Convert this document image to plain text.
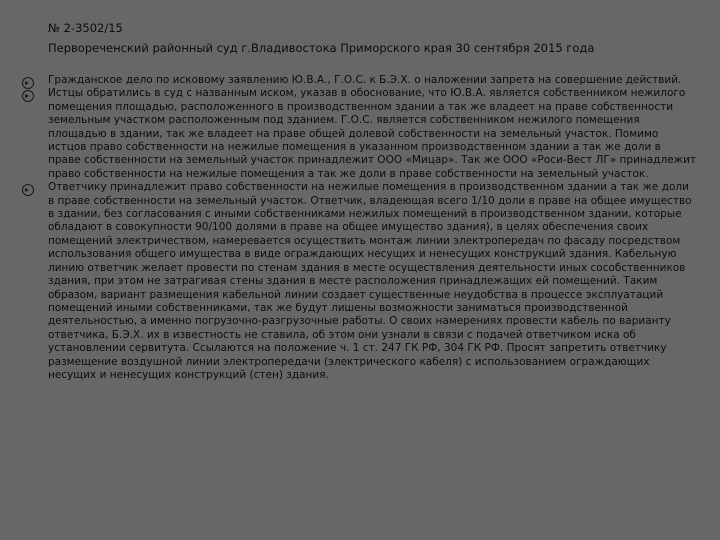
№ 2-3502/15
Первореченский районный суд г.Владивостока Приморского края 30 сентября 2015 года

Гражданское дело по исковому заявлению Ю.В.А., Г.О.С. к Б.Э.Х. о наложении запрета на совершение действий.

Истцы обратились в суд с названным иском, указав в обоснование, что Ю.В.А. является собственником нежилого помещения площадью, расположенного в производственном здании а так же владеет на праве собственности земельным участком расположенным под зданием. Г.О.С. является собственником нежилого помещения площадью в здании, так же владеет на праве общей долевой собственности на земельный участок. Помимо истцов право собственности на нежилые помещения в указанном производственном здании а так же доли в праве собственности на земельный участок принадлежит ООО «Мицар». Так же ООО «Роси-Вест ЛГ» принадлежит право собственности на нежилые помещения а так же доли в праве собственности на земельный участок.

Ответчику принадлежит право собственности на нежилые помещения в производственном здании а так же доли в праве собственности на земельный участок. Ответчик, владеющая всего 1/10 доли в праве на общее имущество в здании, без согласования с иными собственниками нежилых помещений в производственном здании, которые обладают в совокупности 90/100 долями в праве на общее имущество здания), в целях обеспечения своих помещений электричеством, намеревается осуществить монтаж линии электропередач по фасаду посредством использования общего имущества в виде ограждающих несущих и ненесущих конструкций здания. Кабельную линию ответчик желает провести по стенам здания в месте осуществления деятельности иных сособственников здания, при этом не затрагивая стены здания в месте расположения принадлежащих ей помещений. Таким образом, вариант размещения кабельной линии создает существенные неудобства в процессе эксплуатаций помещений иными собственниками, так же будут лишены возможности заниматься производственной деятельностью, а именно погрузочно-разгрузочные работы. О своих намерениях провести кабель по варианту ответчика, Б.Э.Х. их в известность не ставила, об этом они узнали в связи с подачей ответчиком иска об установлении сервитута. Ссылаются на положение ч. 1 ст. 247 ГК РФ, 304 ГК РФ. Просят запретить ответчику размещение воздушной линии электропередачи (электрического кабеля) с использованием ограждающих несущих и ненесущих конструкций (стен) здания.
